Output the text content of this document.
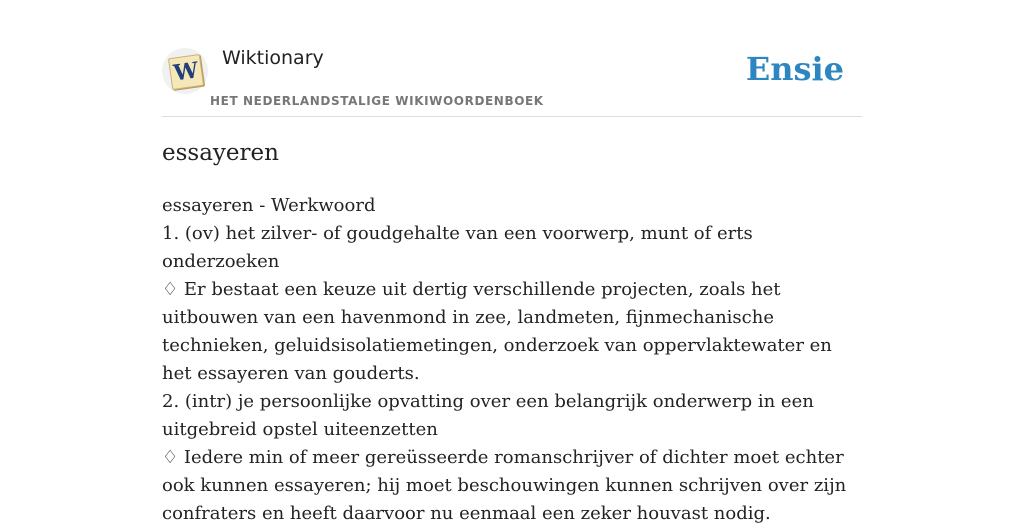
W Wiktionary
HET NEDERLANDSTALIGE WIKIWOORDENBOEK
Ensie
essayeren
essayeren - Werkwoord
1. (ov) het zilver- of goudgehalte van een voorwerp, munt of erts onderzoeken
♢ Er bestaat een keuze uit dertig verschillende projecten, zoals het uitbouwen van een havenmond in zee, landmeten, fijnmechanische technieken, geluidsisolatiemetingen, onderzoek van oppervlaktewater en het essayeren van gouderts.
2. (intr) je persoonlijke opvatting over een belangrijk onderwerp in een uitgebreid opstel uiteenzetten
♢ Iedere min of meer gereüsseerde romanschrijver of dichter moet echter ook kunnen essayeren; hij moet beschouwingen kunnen schrijven over zijn confraters en heeft daarvoor nu eenmaal een zeker houvast nodig.
